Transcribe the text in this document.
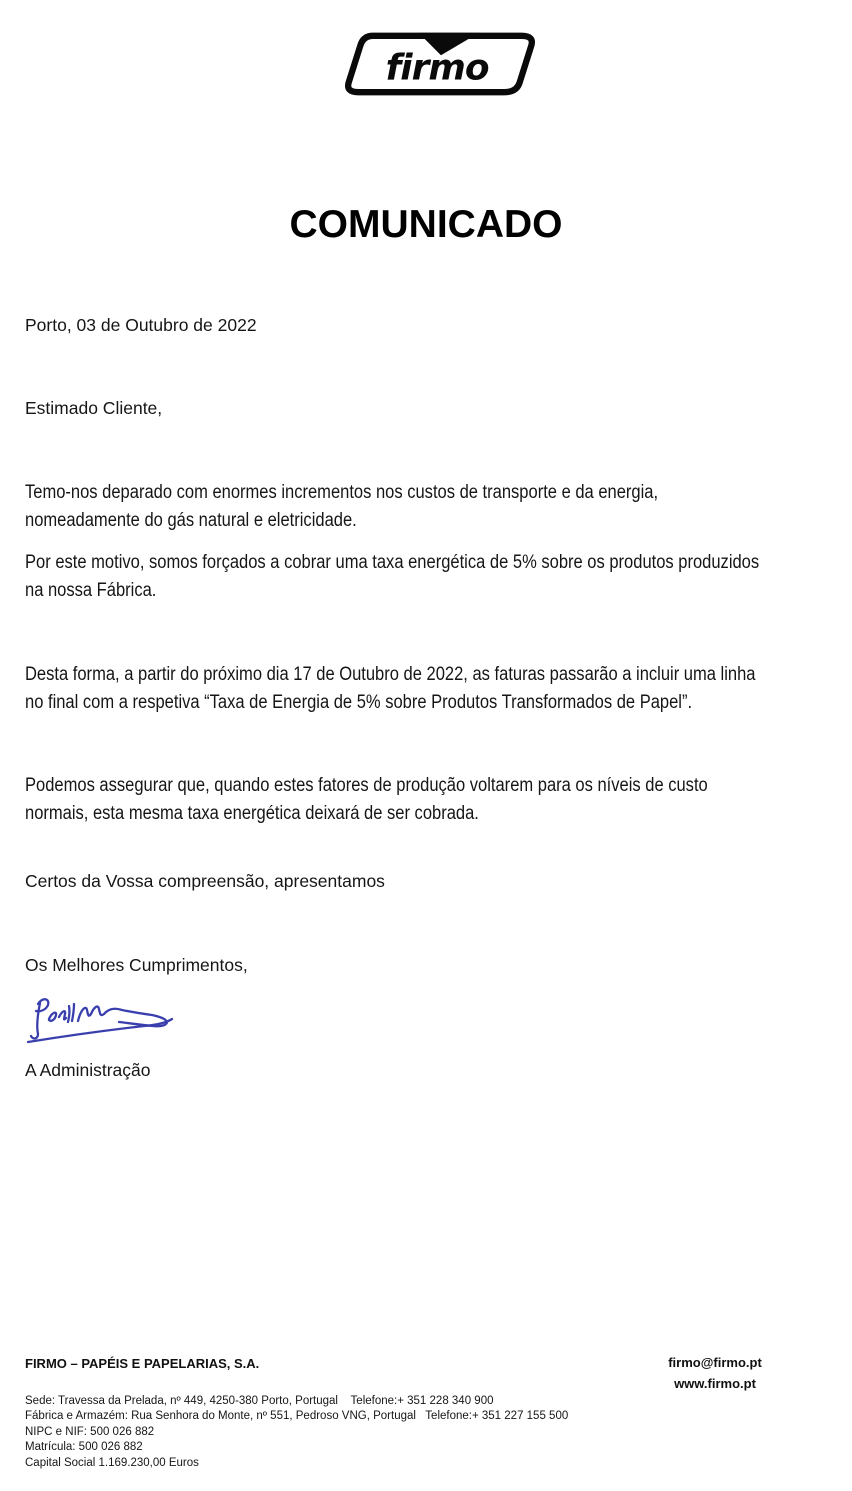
firmo
COMUNICADO
Porto, 03 de Outubro de 2022
Estimado Cliente,
Temo-nos deparado com enormes incrementos nos custos de transporte e da energia,
nomeadamente do gás natural e eletricidade.
Por este motivo, somos forçados a cobrar uma taxa energética de 5% sobre os produtos produzidos
na nossa Fábrica.
Desta forma, a partir do próximo dia 17 de Outubro de 2022, as faturas passarão a incluir uma linha
no final com a respetiva “Taxa de Energia de 5% sobre Produtos Transformados de Papel”.
Podemos assegurar que, quando estes fatores de produção voltarem para os níveis de custo
normais, esta mesma taxa energética deixará de ser cobrada.
Certos da Vossa compreensão, apresentamos
Os Melhores Cumprimentos,
A Administração
FIRMO – PAPÉIS E PAPELARIAS, S.A.
Sede: Travessa da Prelada, nº 449, 4250-380 Porto, Portugal    Telefone:+ 351 228 340 900
Fábrica e Armazém: Rua Senhora do Monte, nº 551, Pedroso VNG, Portugal   Telefone:+ 351 227 155 500
NIPC e NIF: 500 026 882
Matrícula: 500 026 882
Capital Social 1.169.230,00 Euros
firmo@firmo.pt
www.firmo.pt
